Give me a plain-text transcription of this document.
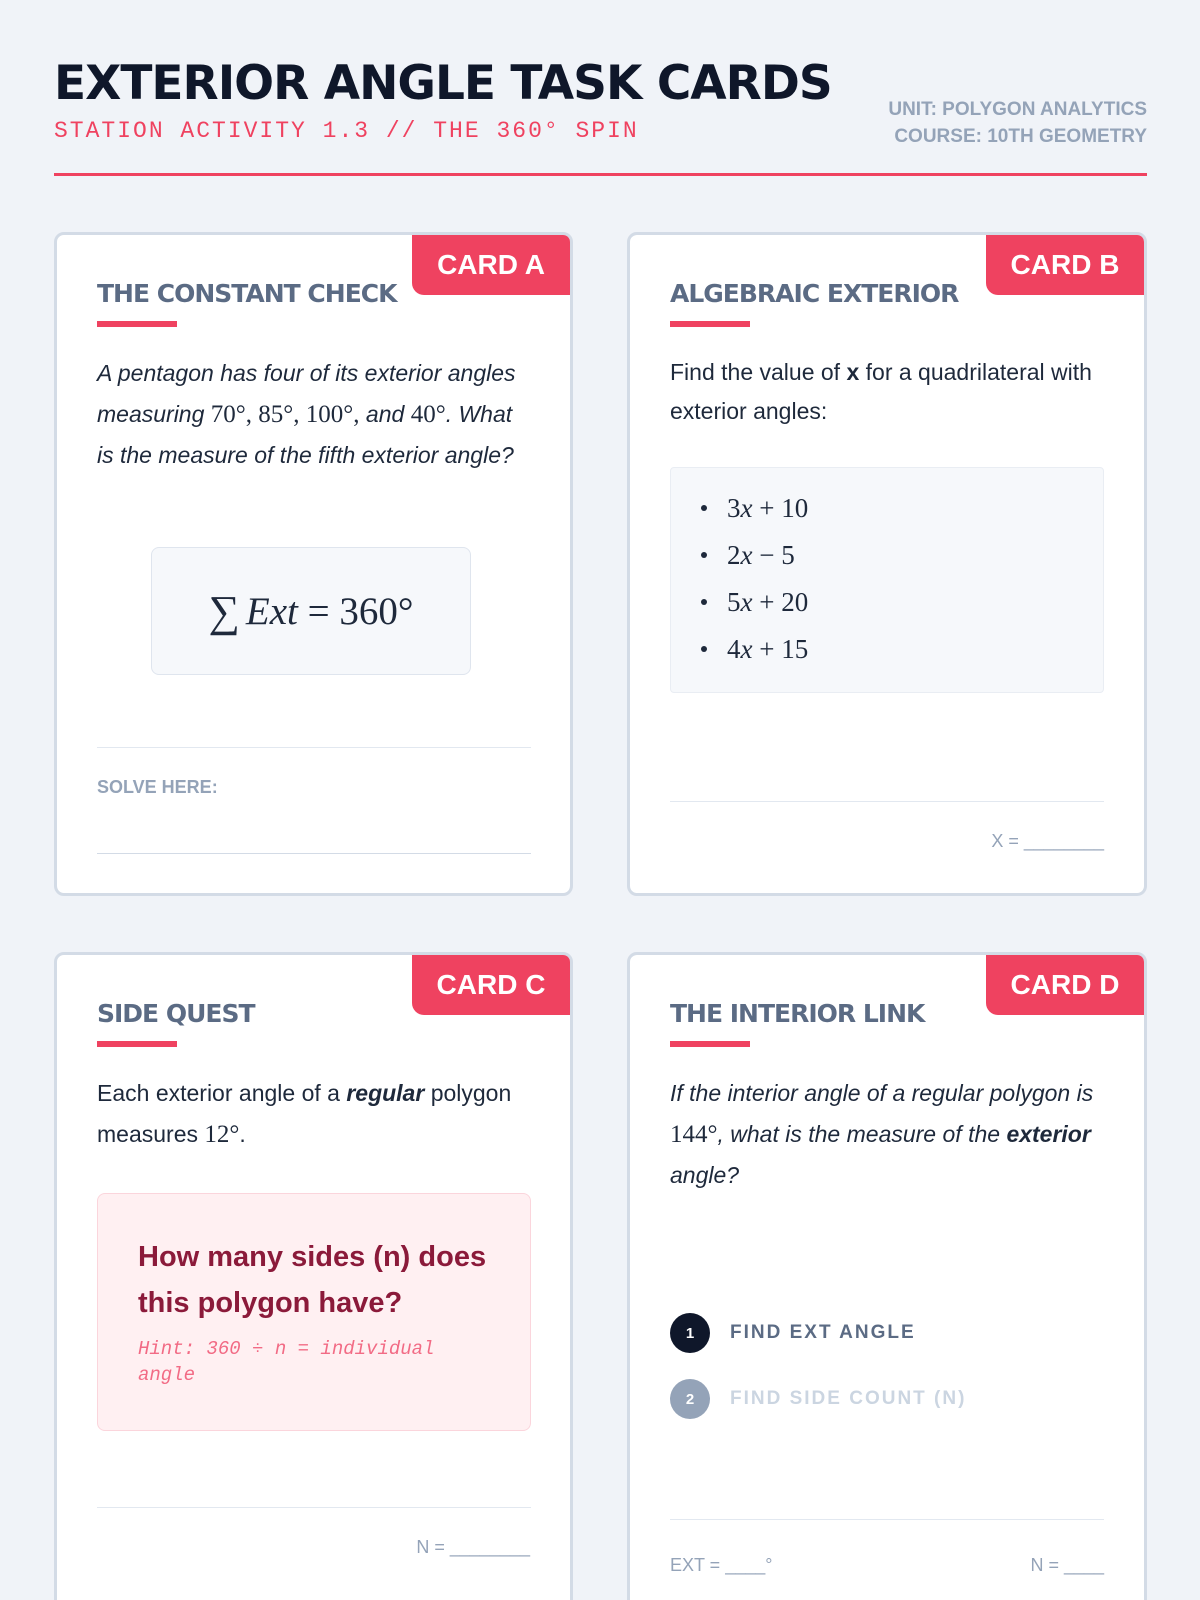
EXTERIOR ANGLE TASK CARDS
STATION ACTIVITY 1.3 // THE 360° SPIN
UNIT: POLYGON ANALYTICS
COURSE: 10TH GEOMETRY
CARD A
THE CONSTANT CHECK
A pentagon has four of its exterior angles measuring 70°, 85°, 100°, and 40°. What is the measure of the fifth exterior angle?
∑ Ext = 360°
SOLVE HERE:
CARD B
ALGEBRAIC EXTERIOR
Find the value of x for a quadrilateral with exterior angles:
3 x + 10
2 x − 5
5 x + 20
4 x + 15
X = ________
CARD C
SIDE QUEST
Each exterior angle of a regular polygon measures 12°.
How many sides (n) does this polygon have?
Hint: 360 ÷ n = individual angle
N = ________
CARD D
THE INTERIOR LINK
If the interior angle of a regular polygon is 144°, what is the measure of the exterior angle?
1	FIND EXT ANGLE
2	FIND SIDE COUNT (N)
EXT = ____°	N = ____
